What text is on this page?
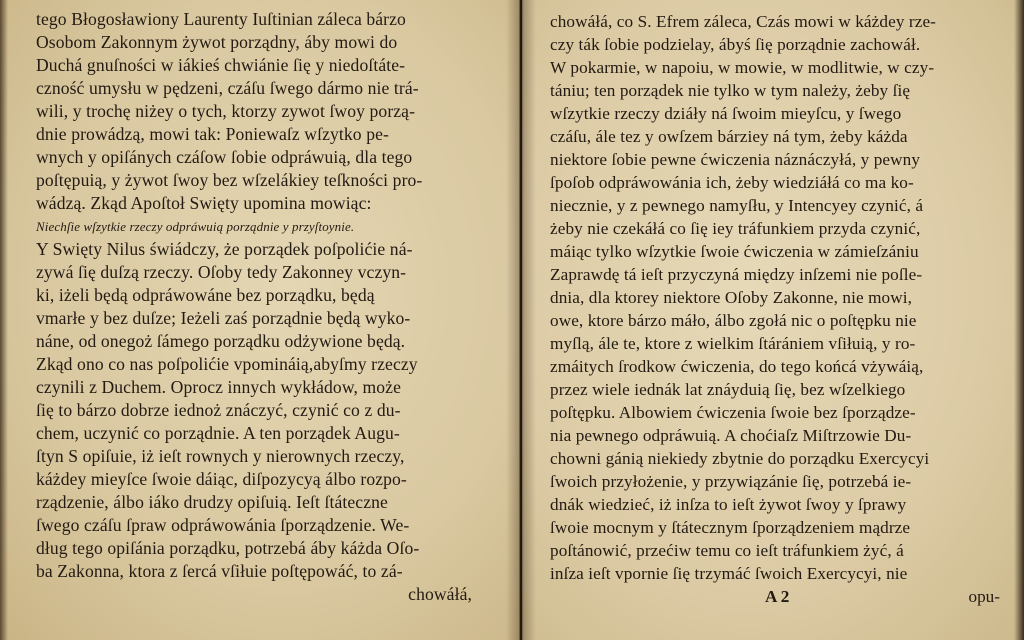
tego Błogosławiony Laurenty Iuſtinian záleca bárzo
Osobom Zakonnym żywot porządny, áby mowi do
Duchá gnuſności w iákieś chwiánie ſię y niedoſtáte-
czność umysłu w pędzeni, czáſu ſwego dármo nie trá-
wili, y trochę niżey o tych, ktorzy zywot ſwoy porzą-
dnie prowádzą, mowi tak: Poniewaſz wſzytko pe-
wnych y opiſánych czáſow ſobie odpráwuią, dla tego
poſtępuią, y żywot ſwoy bez wſzelákiey teſkności pro-
wádzą. Zkąd Apoſtoł Swięty upomina mowiąc:
Niechſie wſzytkie rzeczy odpráwuią porządnie y przyſtoynie.
Y Swięty Nilus świádczy, że porządek poſpolićie ná-
zywá ſię duſzą rzeczy. Oſoby tedy Zakonney vczyn-
ki, iżeli będą odpráwowáne bez porządku, będą
vmarłe y bez duſze; Ieżeli zaś porządnie będą wyko-
náne, od onegoż ſámego porządku odżywione będą.
Zkąd ono co nas poſpolićie vpomináią,abyſmy rzeczy
czynili z Duchem. Oprocz innych wykłádow, może
ſię to bárzo dobrze iednoż znáczyć, czynić co z du-
chem, uczynić co porządnie. A ten porządek Augu-
ſtyn S opiſuie, iż ieſt rownych y nierownych rzeczy,
káżdey mieyſce ſwoie dáiąc, diſpozycyą álbo rozpo-
rządzenie, álbo iáko drudzy opiſuią. Ieſt ſtáteczne
ſwego czáſu ſpraw odpráwowánia ſporządzenie. We-
dług tego opiſánia porządku, potrzebá áby káżda Oſo-
ba Zakonna, ktora z ſercá vſiłuie poſtępowáć, to zá-
chowáłá,
chowáłá, co S. Efrem záleca, Czás mowi w káżdey rze-
czy ták ſobie podzielay, ábyś ſię porządnie zachowáł.
W pokarmie, w napoiu, w mowie, w modlitwie, w czy-
tániu; ten porządek nie tylko w tym należy, żeby ſię
wſzytkie rzeczy dziáły ná ſwoim mieyſcu, y ſwego
czáſu, ále tez y owſzem bárziey ná tym, żeby káżda
niektore ſobie pewne ćwiczenia náznáczyłá, y pewny
ſpoſob odpráwowánia ich, żeby wiedziáłá co ma ko-
niecznie, y z pewnego namyſłu, y Intencyey czynić, á
żeby nie czekáłá co ſię iey tráfunkiem przyda czynić,
máiąc tylko wſzytkie ſwoie ćwiczenia w zámieſzániu
Zaprawdę tá ieſt przyczyná między inſzemi nie poſle-
dnia, dla ktorey niektore Oſoby Zakonne, nie mowi,
owe, ktore bárzo máło, álbo zgołá nic o poſtępku nie
myſlą, ále te, ktore z wielkim ſtárániem vſiłuią, y ro-
zmáitych ſrodkow ćwiczenia, do tego końcá vżywáią,
przez wiele iednák lat znáyduią ſię, bez wſzelkiego
poſtępku. Albowiem ćwiczenia ſwoie bez ſporządze-
nia pewnego odpráwuią. A choćiaſz Miſtrzowie Du-
chowni gánią niekiedy zbytnie do porządku Exercycyi
ſwoich przyłożenie, y przywiązánie ſię, potrzebá ie-
dnák wiedzieć, iż inſza to ieſt żywot ſwoy y ſprawy
ſwoie mocnym y ſtátecznym ſporządzeniem mądrze
poſtánowić, przećiw temu co ieſt tráfunkiem żyć, á
inſza ieſt vpornie ſię trzymáć ſwoich Exercycyi, nie
A 2	opu-
